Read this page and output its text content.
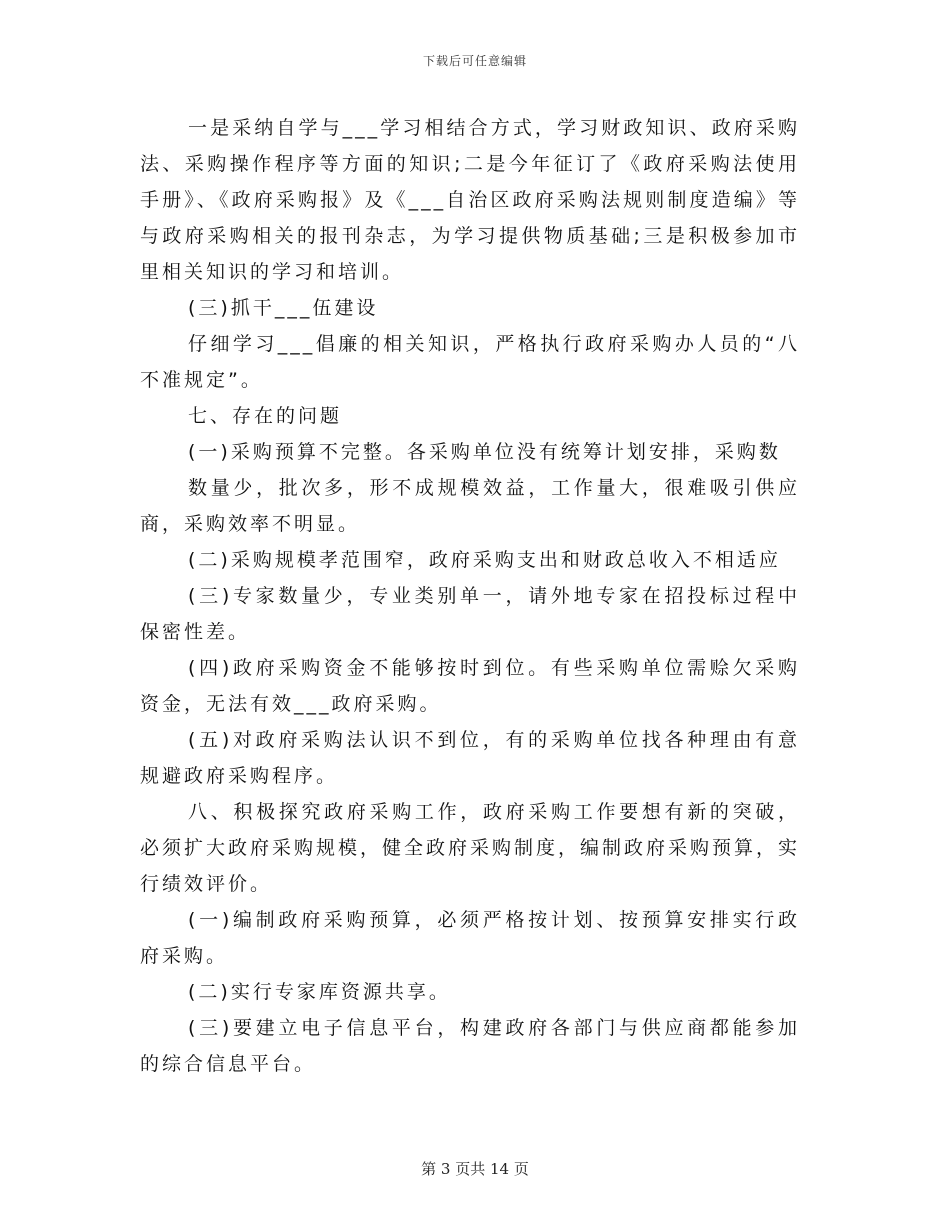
下载后可任意编辑

一是采纳自学与___学习相结合方式，学习财政知识、政府采购法、采购操作程序等方面的知识;二是今年征订了《政府采购法使用手册》、《政府采购报》及《___自治区政府采购法规则制度造编》等与政府采购相关的报刊杂志，为学习提供物质基础;三是积极参加市里相关知识的学习和培训。

(三)抓干___伍建设

仔细学习___倡廉的相关知识，严格执行政府采购办人员的“八不准规定”。

七、存在的问题

(一)采购预算不完整。各采购单位没有统筹计划安排，采购数

数量少，批次多，形不成规模效益，工作量大，很难吸引供应商，采购效率不明显。

(二)采购规模孝范围窄，政府采购支出和财政总收入不相适应

(三)专家数量少，专业类别单一，请外地专家在招投标过程中保密性差。

(四)政府采购资金不能够按时到位。有些采购单位需赊欠采购资金，无法有效___政府采购。

(五)对政府采购法认识不到位，有的采购单位找各种理由有意规避政府采购程序。

八、积极探究政府采购工作，政府采购工作要想有新的突破，必须扩大政府采购规模，健全政府采购制度，编制政府采购预算，实行绩效评价。

(一)编制政府采购预算，必须严格按计划、按预算安排实行政府采购。

(二)实行专家库资源共享。

(三)要建立电子信息平台，构建政府各部门与供应商都能参加的综合信息平台。

第 3 页共 14 页
